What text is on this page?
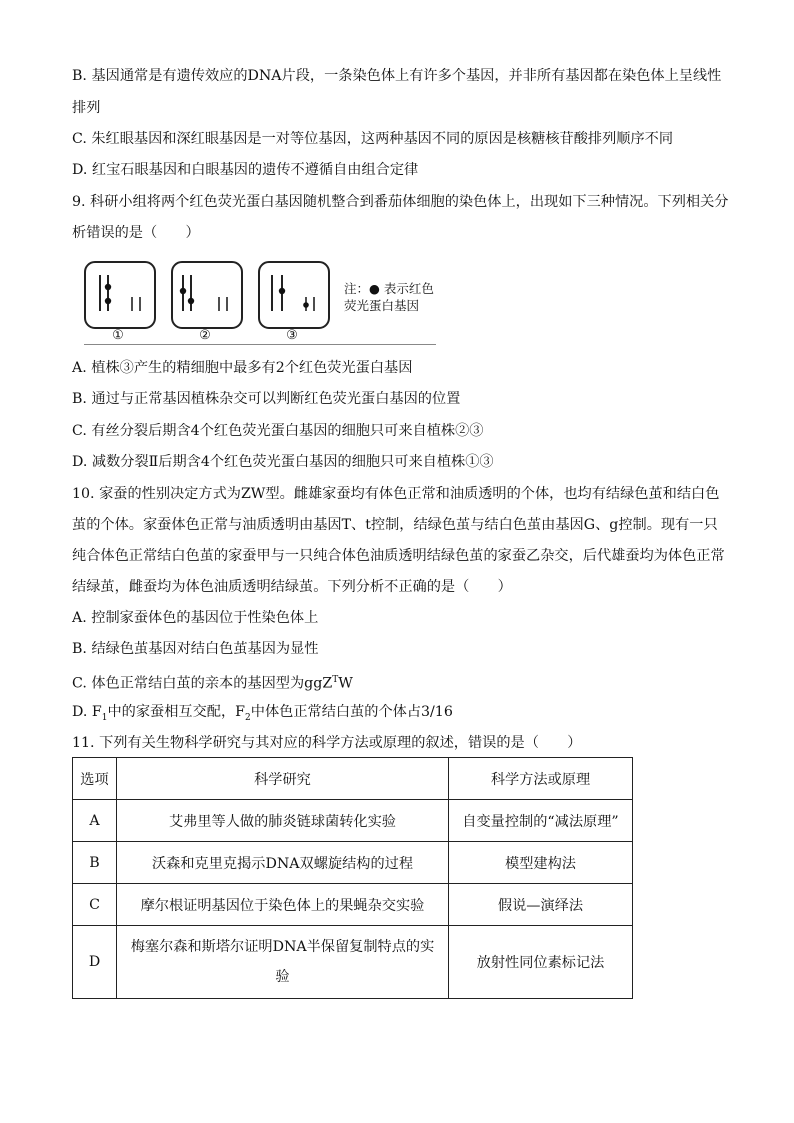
B. 基因通常是有遗传效应的DNA片段，一条染色体上有许多个基因，并非所有基因都在染色体上呈线性
排列
C. 朱红眼基因和深红眼基因是一对等位基因，这两种基因不同的原因是核糖核苷酸排列顺序不同
D. 红宝石眼基因和白眼基因的遗传不遵循自由组合定律
9. 科研小组将两个红色荧光蛋白基因随机整合到番茄体细胞的染色体上，出现如下三种情况。下列相关分
析错误的是（　　）
①	②	③
注：● 表示红色
荧光蛋白基因
A. 植株③产生的精细胞中最多有2个红色荧光蛋白基因
B. 通过与正常基因植株杂交可以判断红色荧光蛋白基因的位置
C. 有丝分裂后期含4个红色荧光蛋白基因的细胞只可来自植株②③
D. 减数分裂Ⅱ后期含4个红色荧光蛋白基因的细胞只可来自植株①③
10. 家蚕的性别决定方式为ZW型。雌雄家蚕均有体色正常和油质透明的个体，也均有结绿色茧和结白色
茧的个体。家蚕体色正常与油质透明由基因T、t控制，结绿色茧与结白色茧由基因G、g控制。现有一只
纯合体色正常结白色茧的家蚕甲与一只纯合体色油质透明结绿色茧的家蚕乙杂交，后代雄蚕均为体色正常
结绿茧，雌蚕均为体色油质透明结绿茧。下列分析不正确的是（　　）
A. 控制家蚕体色的基因位于性染色体上
B. 结绿色茧基因对结白色茧基因为显性
C. 体色正常结白茧的亲本的基因型为ggZ$^T$W
D. $F_1$中的家蚕相互交配，$F_2$中体色正常结白茧的个体占3/16
11. 下列有关生物科学研究与其对应的科学方法或原理的叙述，错误的是（　　）
选项	科学研究	科学方法或原理
A	艾弗里等人做的肺炎链球菌转化实验	自变量控制的“减法原理”
B	沃森和克里克揭示DNA双螺旋结构的过程	模型建构法
C	摩尔根证明基因位于染色体上的果蝇杂交实验	假说—演绎法
D	梅塞尔森和斯塔尔证明DNA半保留复制特点的实
验	放射性同位素标记法
